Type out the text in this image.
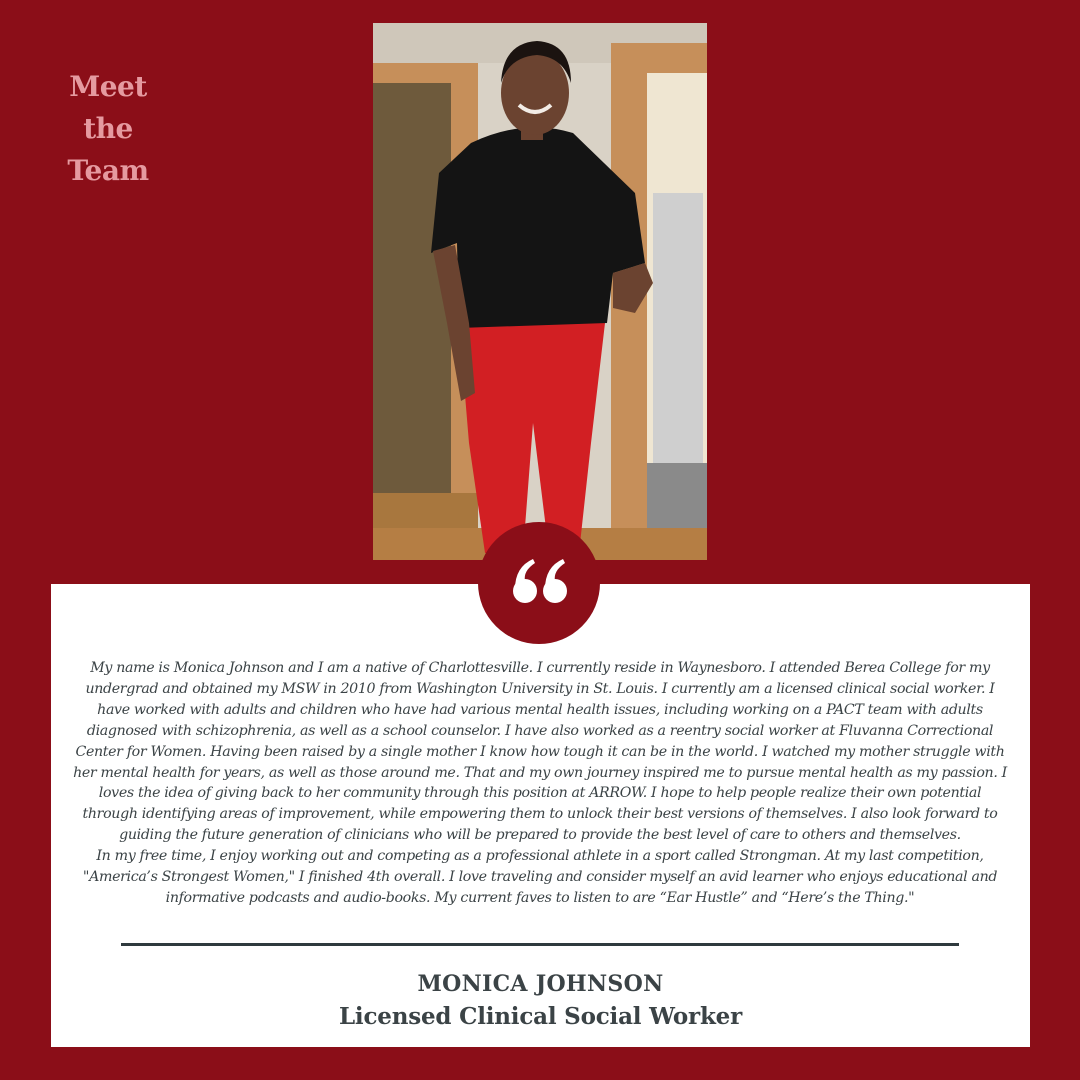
Meet
the
Team

My name is Monica Johnson and I am a native of Charlottesville. I currently reside in Waynesboro. I attended Berea College for my undergrad and obtained my MSW in 2010 from Washington University in St. Louis. I currently am a licensed clinical social worker. I have worked with adults and children who have had various mental health issues, including working on a PACT team with adults diagnosed with schizophrenia, as well as a school counselor. I have also worked as a reentry social worker at Fluvanna Correctional Center for Women. Having been raised by a single mother I know how tough it can be in the world. I watched my mother struggle with her mental health for years, as well as those around me. That and my own journey inspired me to pursue mental health as my passion. I loves the idea of giving back to her community through this position at ARROW. I hope to help people realize their own potential through identifying areas of improvement, while empowering them to unlock their best versions of themselves. I also look forward to guiding the future generation of clinicians who will be prepared to provide the best level of care to others and themselves.

In my free time, I enjoy working out and competing as a professional athlete in a sport called Strongman. At my last competition, "America’s Strongest Women," I finished 4th overall. I love traveling and consider myself an avid learner who enjoys educational and informative podcasts and audio-books. My current faves to listen to are “Ear Hustle” and “Here’s the Thing."

MONICA JOHNSON
Licensed Clinical Social Worker
